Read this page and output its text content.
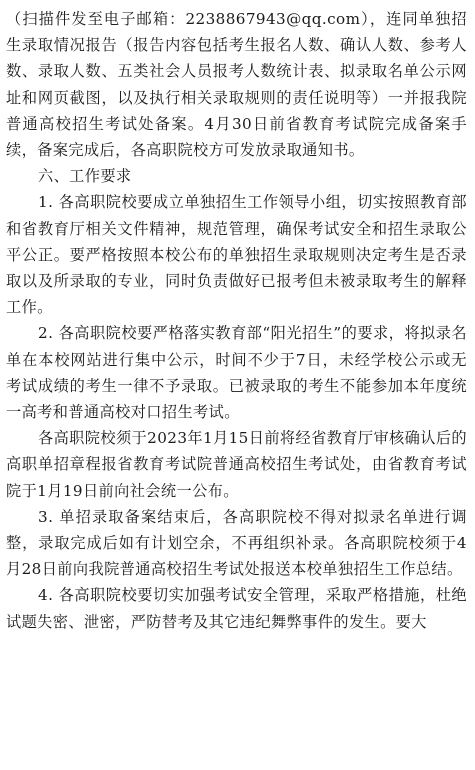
（扫描件发至电子邮箱：2238867943@qq.com），连同单独招生录取情况报告（报告内容包括考生报名人数、确认人数、参考人数、录取人数、五类社会人员报考人数统计表、拟录取名单公示网址和网页截图，以及执行相关录取规则的责任说明等）一并报我院普通高校招生考试处备案。4月30日前省教育考试院完成备案手续，备案完成后，各高职院校方可发放录取通知书。

六、工作要求

1. 各高职院校要成立单独招生工作领导小组，切实按照教育部和省教育厅相关文件精神，规范管理，确保考试安全和招生录取公平公正。要严格按照本校公布的单独招生录取规则决定考生是否录取以及所录取的专业，同时负责做好已报考但未被录取考生的解释工作。

2. 各高职院校要严格落实教育部“阳光招生”的要求，将拟录名单在本校网站进行集中公示，时间不少于7日，未经学校公示或无考试成绩的考生一律不予录取。已被录取的考生不能参加本年度统一高考和普通高校对口招生考试。

各高职院校须于2023年1月15日前将经省教育厅审核确认后的高职单招章程报省教育考试院普通高校招生考试处，由省教育考试院于1月19日前向社会统一公布。

3. 单招录取备案结束后，各高职院校不得对拟录名单进行调整，录取完成后如有计划空余，不再组织补录。各高职院校须于4月28日前向我院普通高校招生考试处报送本校单独招生工作总结。

4. 各高职院校要切实加强考试安全管理，采取严格措施，杜绝试题失密、泄密，严防替考及其它违纪舞弊事件的发生。要大
